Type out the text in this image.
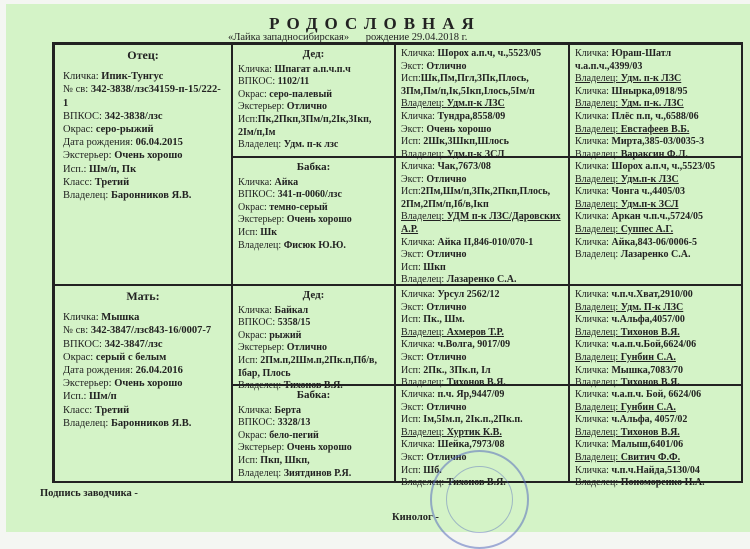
РОДОСЛОВНАЯ
«Лайка западносибирская» рождение 29.04.2018 г.
Отец:
Кличка: Ипик-Тунгус
№ св: 342-3838/лзс34159-п-15/222-1
ВПКОС: 342-3838/лзс
Окрас: серо-рыжий
Дата рождения: 06.04.2015
Экстерьер: Очень хорошо
Исп.: Шм/п, Пк
Класс: Третий
Владелец: Баронников Я.В.
Мать:
Кличка: Мышка
№ св: 342-3847/лзс843-16/0007-7
ВПКОС: 342-3847/лзс
Окрас: серый с белым
Дата рождения: 26.04.2016
Экстерьер: Очень хорошо
Исп.: Шм/п
Класс: Третий
Владелец: Баронников Я.В.
Дед:
Кличка: Шпагат а.п.ч.п.ч
ВПКОС: 1102/11
Окрас: серо-палевый
Экстерьер: Отлично
Исп:Пк,2Пкп,3Пм/п,2Iк,3Iкп, 2Iм/п,Iм
Владелец: Удм. п-к лзс
Бабка:
Кличка: Айка
ВПКОС: 341-п-0060/лзс
Окрас: темно-серый
Экстерьер: Очень хорошо
Исп: Шк
Владелец: Фисюк Ю.Ю.
Дед:
Кличка: Байкал
ВПКОС: 5358/15
Окрас: рыжий
Экстерьер: Отлично
Исп: 2Пм.п,2Шм.п,2Пк.п,Пб/в, Iбар, Плось
Владелец: Тихонов В.Я.
Бабка:
Кличка: Берта
ВПКОС: 3328/13
Окрас: бело-пегий
Экстерьер: Очень хорошо
Исп: Пкп, Шкп,
Владелец: Зиятдинов Р.Я.
Кличка: Шорох а.п.ч, ч.,5523/05
Экст: Отлично
Исп:Шк,Пм,Пгл,3Пк,Плось, 3Пм,Пм/п,Iк,5Iкп,Iлось,5Iм/п
Владелец: Удм.п-к ЛЗС
Кличка: Тундра,8558/09
Экст: Очень хорошо
Исп: 2Шк,3Шкп,Шлось
Владелец: Удм.п-к ЗСЛ
Кличка: Юраш-Шатл ч.а.п.ч.,4399/03
Владелец: Удм. п-к ЛЗС
Кличка: Шнырка,0918/95
Владелец: Удм. п-к. ЛЗС
Кличка: Плёс п.п, ч.,6588/06
Владелец: Евстафеев В.Б.
Кличка: Мирта,385-03/0035-3
Владелец: Вараксин Ф.Л.
Кличка: Чак,7673/08
Экст: Отлично
Исп:2Пм,Шм/п,3Пк,2Пкп,Плось, 2Пм,2Пм/п,Iб/в,Iкп
Владелец: УДМ п-к ЛЗС/Даровских А.Р.
Кличка: Айка II,846-010/070-1
Экст: Отлично
Исп: Шкп
Владелец: Лазаренко С.А.
Кличка: Шорох а.п.ч, ч.,5523/05
Владелец: Удм.п-к ЛЗС
Кличка: Чонга ч.,4405/03
Владелец: Удм.п-к ЗСЛ
Кличка: Аркан ч.п.ч.,5724/05
Владелец: Суппес А.Г.
Кличка: Айка,843-06/0006-5
Владелец: Лазаренко С.А.
Кличка: Урсул 2562/12
Экст: Отлично
Исп: Пк., Шм.
Владелец: Ахмеров Т.Р.
Кличка: ч.Волга, 9017/09
Экст: Отлично
Исп: 2Пк., 3Пк.п, Iл
Владелец: Тихонов В.Я.
Кличка: ч.п.ч.Хват,2910/00
Владелец: Удм. П-к ЛЗС
Кличка: ч.Альфа,4057/00
Владелец: Тихонов В.Я.
Кличка: ч.а.п.ч.Бой,6624/06
Владелец: Гунбин С.А.
Кличка: Мышка,7083/70
Владелец: Тихонов В.Я.
Кличка: п.ч. Яр,9447/09
Экст: Отлично
Исп: Iм,5Iм.п, 2Iк.п.,2Пк.п.
Владелец: Хуртик К.В.
Кличка: Шейка,7973/08
Экст: Отлично
Исп: Шб.
Владелец: Тихонов В.Я.
Кличка: ч.а.п.ч. Бой, 6624/06
Владелец: Гунбин С.А.
Кличка: ч.Альфа, 4057/02
Владелец: Тихонов В.Я.
Кличка: Малыш,6401/06
Владелец: Свитич Ф.Ф.
Кличка: ч.п.ч.Найда,5130/04
Владелец: Пономоренко Н.А.
Подпись заводчика -
Кинолог -
